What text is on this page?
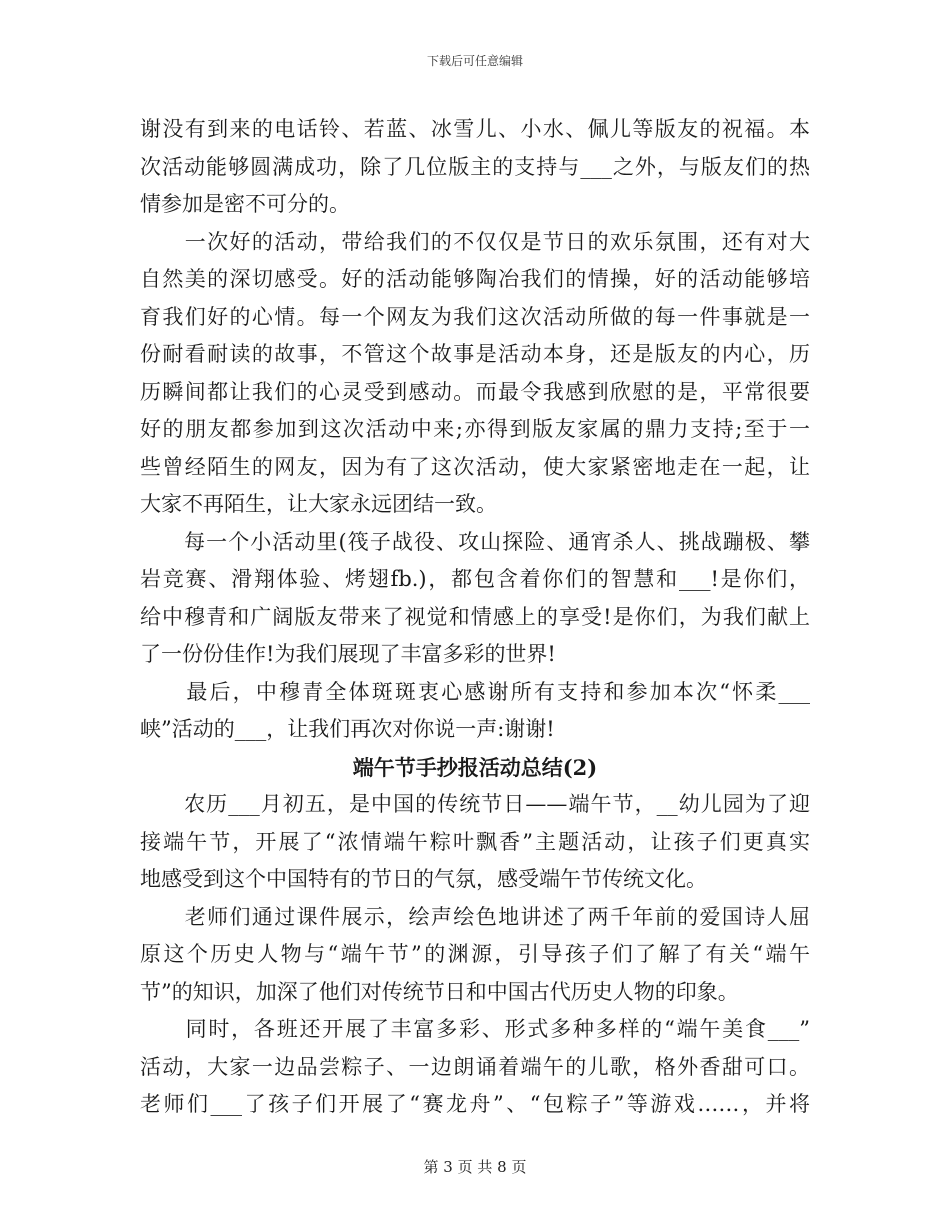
下载后可任意编辑
谢没有到来的电话铃、若蓝、冰雪儿、小水、佩儿等版友的祝福。本
次活动能够圆满成功，除了几位版主的支持与___之外，与版友们的热
情参加是密不可分的。
　　一次好的活动，带给我们的不仅仅是节日的欢乐氛围，还有对大
自然美的深切感受。好的活动能够陶冶我们的情操，好的活动能够培
育我们好的心情。每一个网友为我们这次活动所做的每一件事就是一
份耐看耐读的故事，不管这个故事是活动本身，还是版友的内心，历
历瞬间都让我们的心灵受到感动。而最令我感到欣慰的是，平常很要
好的朋友都参加到这次活动中来;亦得到版友家属的鼎力支持;至于一
些曾经陌生的网友，因为有了这次活动，使大家紧密地走在一起，让
大家不再陌生，让大家永远团结一致。
　　每一个小活动里(筏子战役、攻山探险、通宵杀人、挑战蹦极、攀
岩竞赛、滑翔体验、烤翅fb.)，都包含着你们的智慧和___!是你们，
给中穆青和广阔版友带来了视觉和情感上的享受!是你们，为我们献上
了一份份佳作!为我们展现了丰富多彩的世界!
　　最后，中穆青全体斑斑衷心感谢所有支持和参加本次“怀柔___
峡”活动的___，让我们再次对你说一声:谢谢!
端午节手抄报活动总结(2)
　　农历___月初五，是中国的传统节日——端午节，__幼儿园为了迎
接端午节，开展了“浓情端午粽叶飘香”主题活动，让孩子们更真实
地感受到这个中国特有的节日的气氛，感受端午节传统文化。
　　老师们通过课件展示，绘声绘色地讲述了两千年前的爱国诗人屈
原这个历史人物与“端午节”的渊源，引导孩子们了解了有关“端午
节”的知识，加深了他们对传统节日和中国古代历史人物的印象。
　　同时，各班还开展了丰富多彩、形式多种多样的“端午美食___”
活动，大家一边品尝粽子、一边朗诵着端午的儿歌，格外香甜可口。
老师们___了孩子们开展了“赛龙舟”、“包粽子”等游戏……，并将
第 3 页 共 8 页
